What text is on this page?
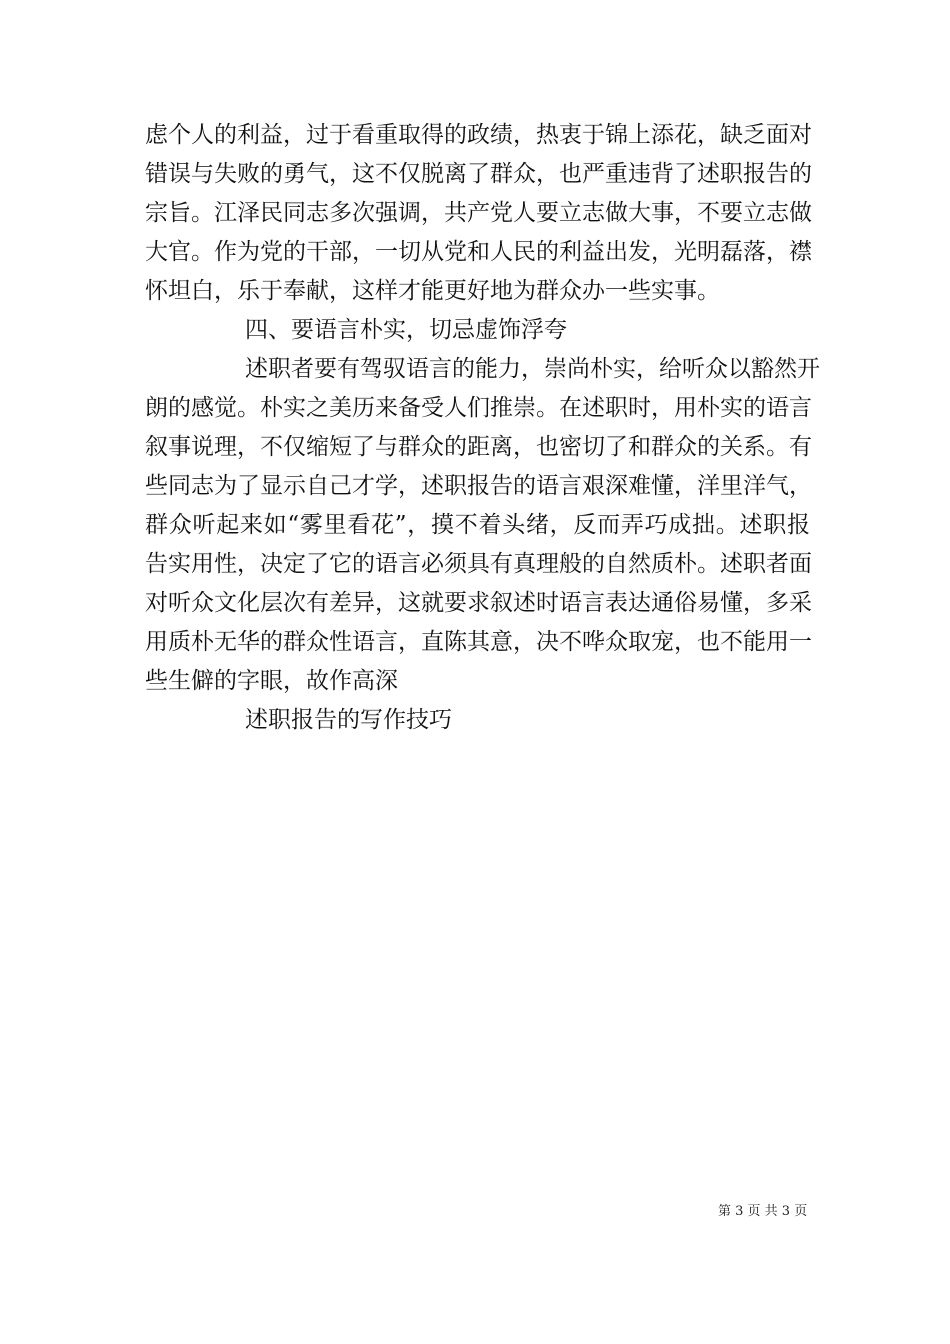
虑个人的利益，过于看重取得的政绩，热衷于锦上添花，缺乏面对
错误与失败的勇气，这不仅脱离了群众，也严重违背了述职报告的
宗旨。江泽民同志多次强调，共产党人要立志做大事，不要立志做
大官。作为党的干部，一切从党和人民的利益出发，光明磊落，襟
怀坦白，乐于奉献，这样才能更好地为群众办一些实事。
四、要语言朴实，切忌虚饰浮夸
述职者要有驾驭语言的能力，崇尚朴实，给听众以豁然开
朗的感觉。朴实之美历来备受人们推崇。在述职时，用朴实的语言
叙事说理，不仅缩短了与群众的距离，也密切了和群众的关系。有
些同志为了显示自己才学，述职报告的语言艰深难懂，洋里洋气，
群众听起来如“雾里看花”，摸不着头绪，反而弄巧成拙。述职报
告实用性，决定了它的语言必须具有真理般的自然质朴。述职者面
对听众文化层次有差异，这就要求叙述时语言表达通俗易懂，多采
用质朴无华的群众性语言，直陈其意，决不哗众取宠，也不能用一
些生僻的字眼，故作高深
述职报告的写作技巧
第 3 页 共 3 页
